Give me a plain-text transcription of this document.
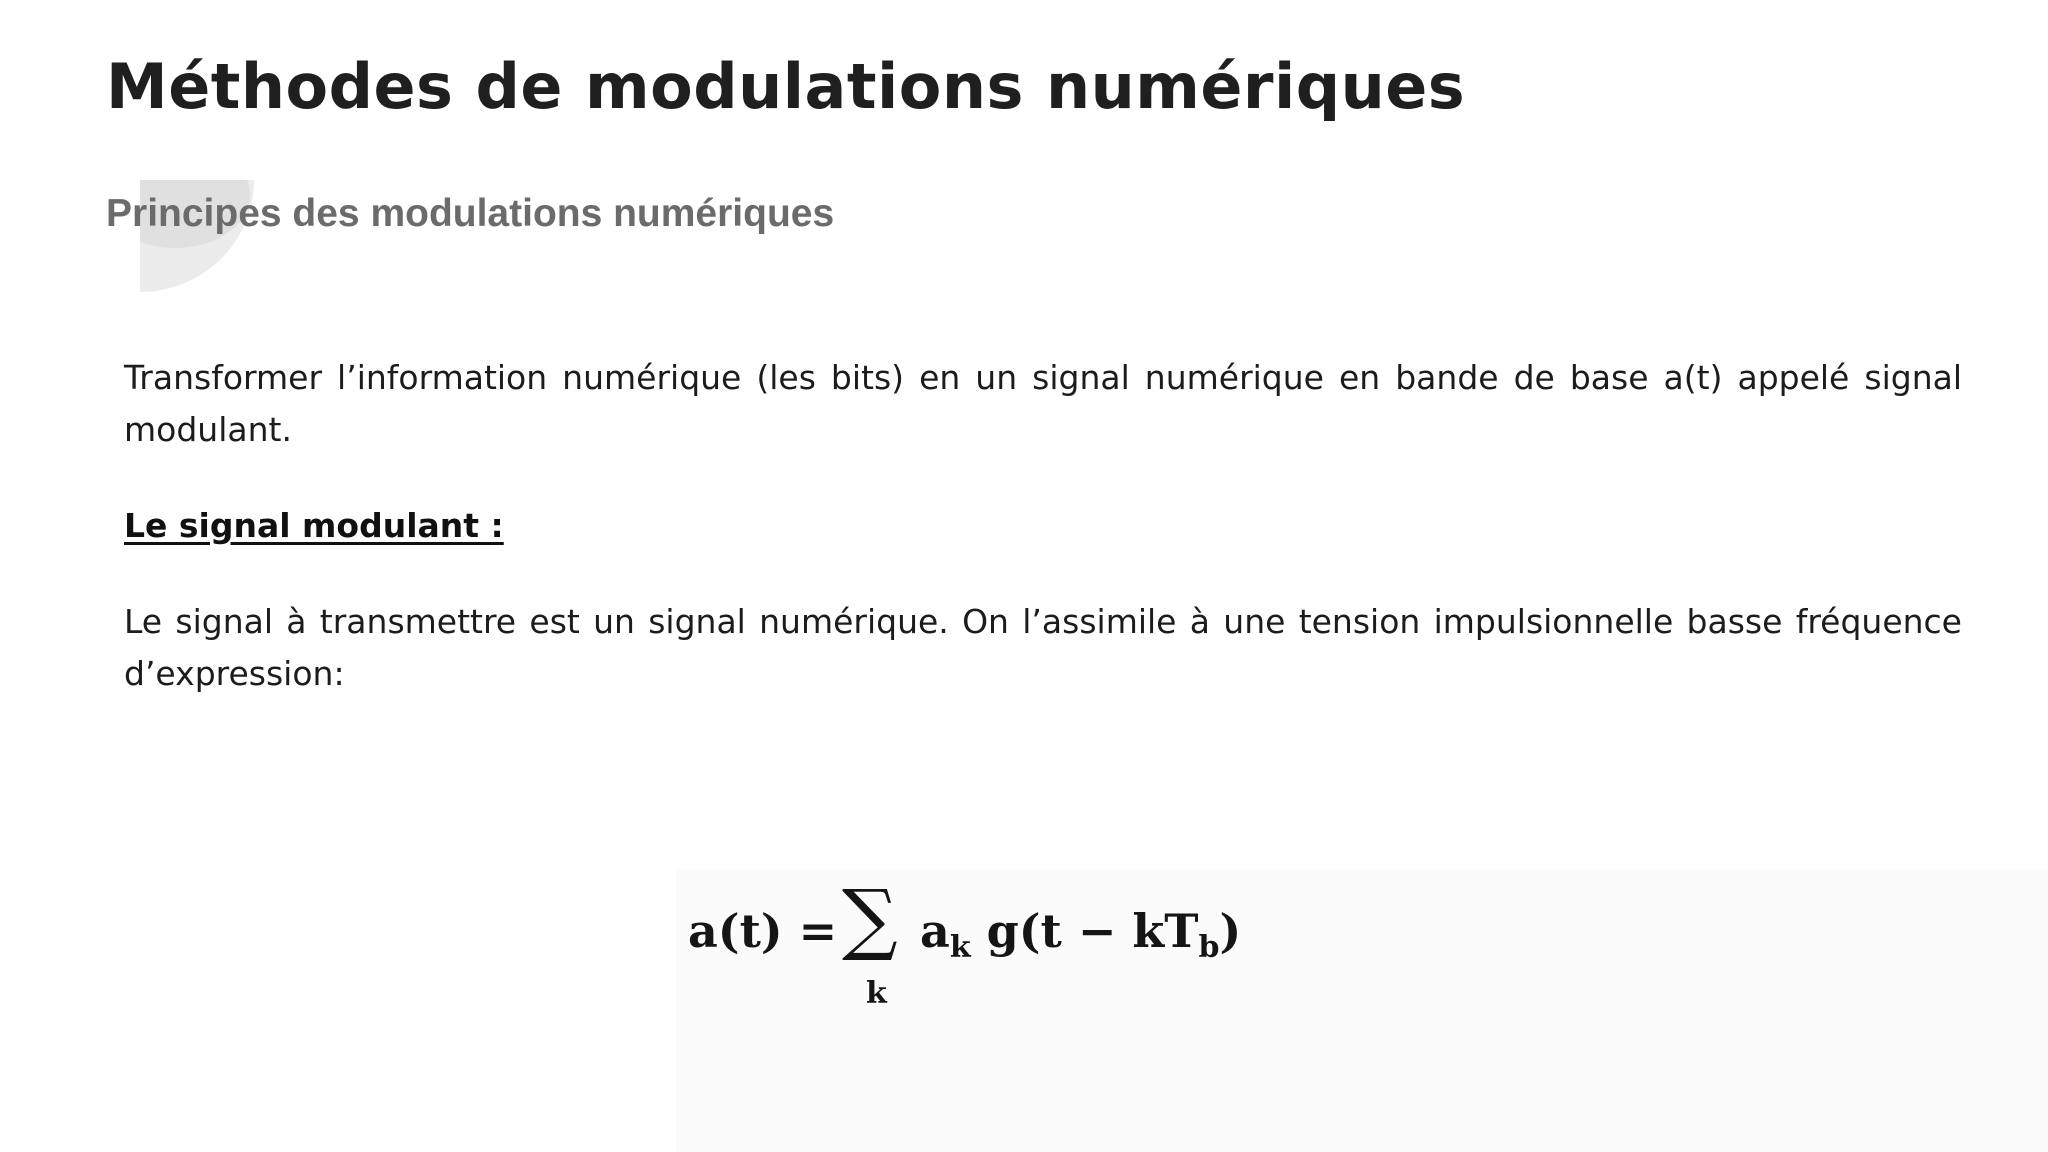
Méthodes de modulations numériques
Principes des modulations numériques

Transformer l’information numérique (les bits) en un signal numérique en bande de base a(t) appelé signal modulant.

Le signal modulant :

Le signal à transmettre est un signal numérique. On l’assimile à une tension impulsionnelle basse fréquence d’expression:

a(t) = ∑
k
$a_k$ $g(t - kT_b)$
